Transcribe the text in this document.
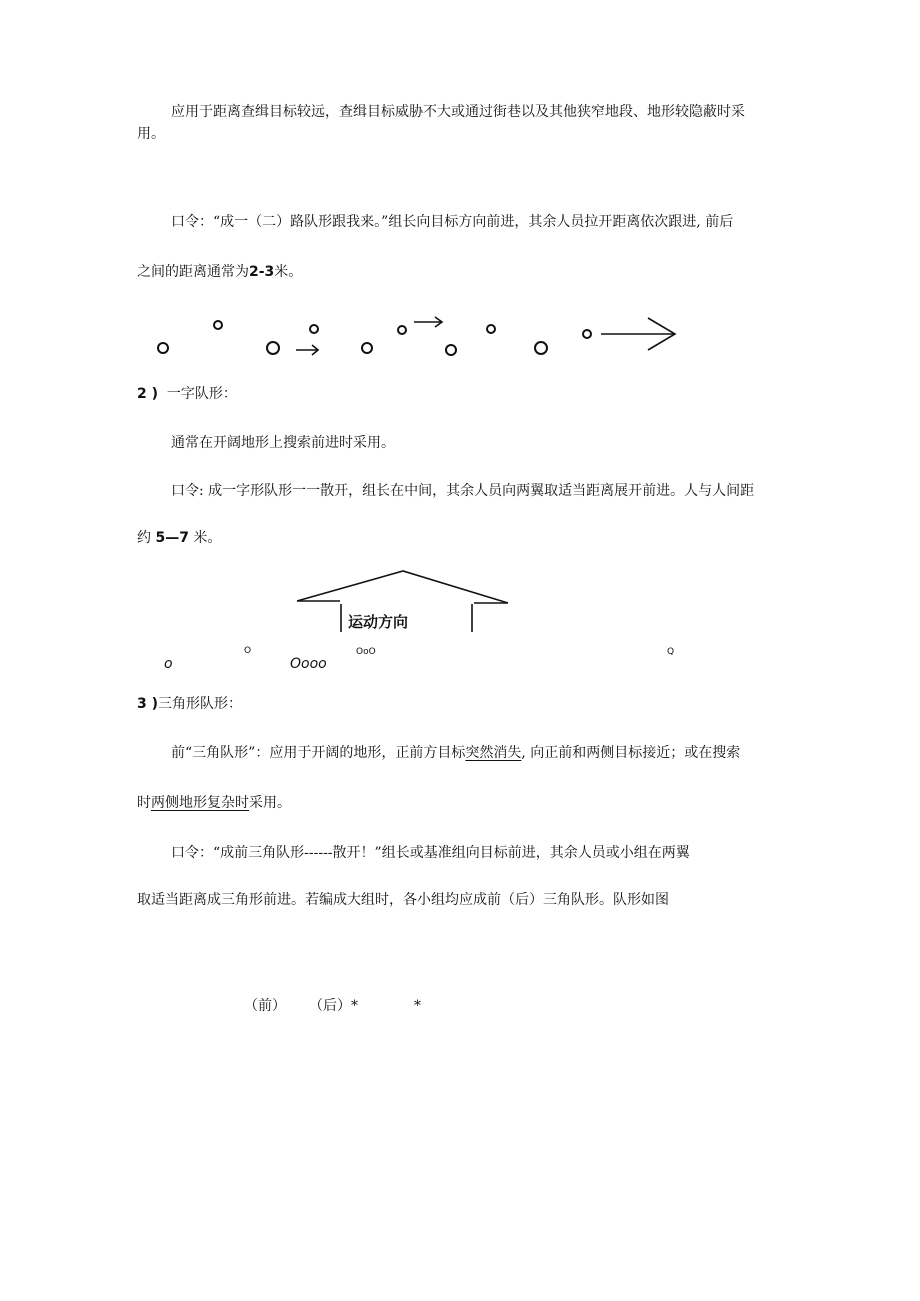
应用于距离查缉目标较远，查缉目标威胁不大或通过街巷以及其他狭窄地段、地形较隐蔽时采
用。
口令：“成一（二）路队形跟我来。”组长向目标方向前进，其余人员拉开距离依次跟进, 前后
之间的距离通常为2-3米。
2 ) 一字队形：
通常在开阔地形上搜索前进时采用。
口令: 成一字形队形一一散开，组长在中间，其余人员向两翼取适当距离展开前进。人与人间距
约 5—7 米。
运动方向
o
O
Oooo
OoO	Q
3 )三角形队形：
前“三角队形”：应用于开阔的地形，正前方目标突然消失, 向正前和两侧目标接近；或在搜索
时两侧地形复杂时采用。
口令：“成前三角队形------散开！”组长或基准组向目标前进，其余人员或小组在两翼
取适当距离成三角形前进。若编成大组时，各小组均应成前（后）三角队形。队形如图
（前） （后）*	*
